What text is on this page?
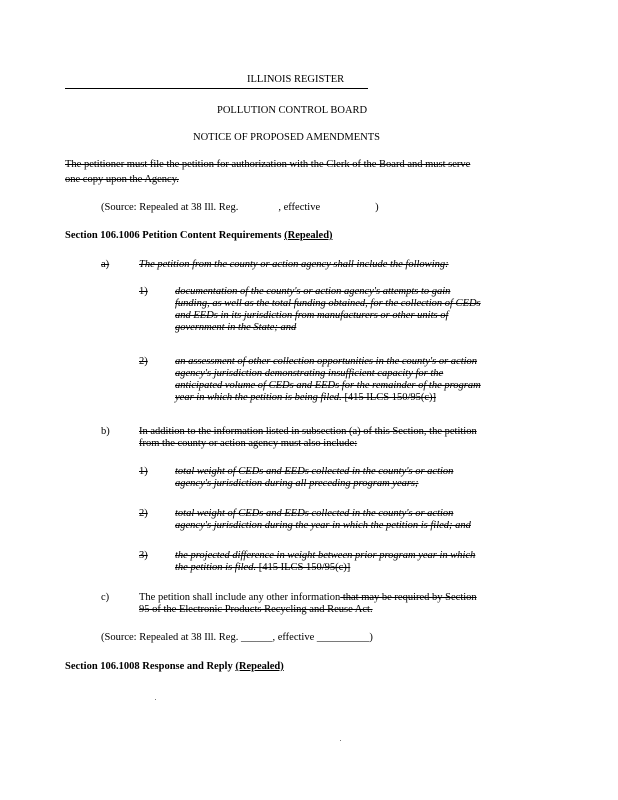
ILLINOIS REGISTER
POLLUTION CONTROL BOARD
NOTICE OF PROPOSED AMENDMENTS
The petitioner must file the petition for authorization with the Clerk of the Board and must serve
one copy upon the Agency.
(Source: Repealed at 38 Ill. Reg.	, effective	)
Section 106.1006 Petition Content Requirements (Repealed)
a)	The petition from the county or action agency shall include the following:
1)	documentation of the county's or action agency's attempts to gain

funding, as well as the total funding obtained, for the collection of CEDs

and EEDs in its jurisdiction from manufacturers or other units of

government in the State; and

2)	an assessment of other collection opportunities in the county's or action

agency's jurisdiction demonstrating insufficient capacity for the

anticipated volume of CEDs and EEDs for the remainder of the program

year in which the petition is being filed. [415 ILCS 150/95(c)]

b)	In addition to the information listed in subsection (a) of this Section, the petition

from the county or action agency must also include:

1)	total weight of CEDs and EEDs collected in the county's or action

agency's jurisdiction during all preceding program years;

2)	total weight of CEDs and EEDs collected in the county's or action

agency's jurisdiction during the year in which the petition is filed; and

3)	the projected difference in weight between prior program year in which

the petition is filed. [415 ILCS 150/95(c)]

c)	The petition shall include any other information that may be required by Section

95 of the Electronic Products Recycling and Reuse Act.

(Source: Repealed at 38 Ill. Reg. ______, effective __________)
Section 106.1008 Response and Reply (Repealed)
